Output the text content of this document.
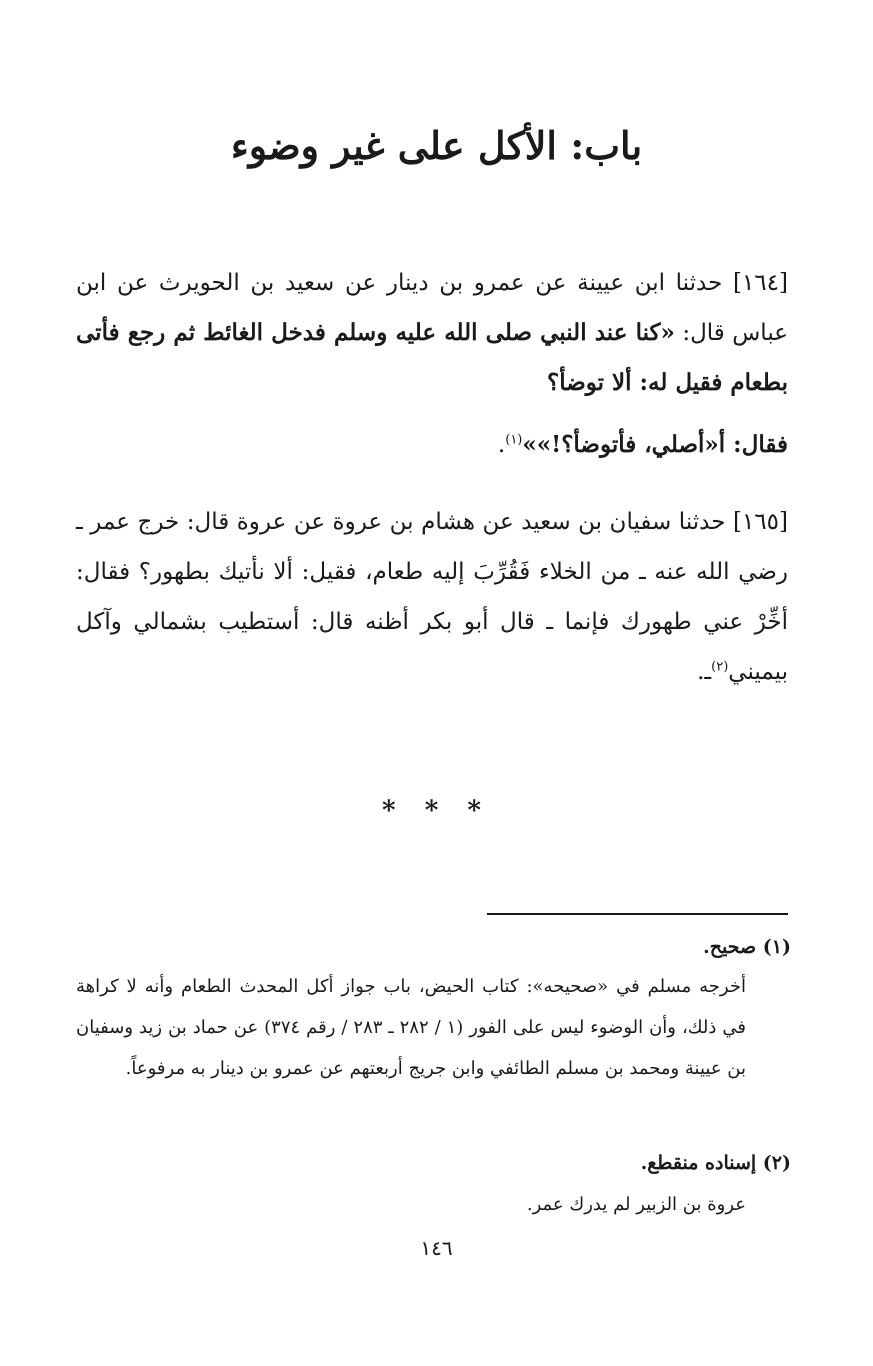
باب: الأكل على غير وضوء

[١٦٤] حدثنا ابن عيينة عن عمرو بن دينار عن سعيد بن الحويرث عن ابن عباس قال: «كنا عند النبي صلى الله عليه وسلم فدخل الغائط ثم رجع فأتى بطعام فقيل له: ألا توضأ؟

فقال: أ«أصلي، فأتوضأ؟!»»$^{(١)}$.

[١٦٥] حدثنا سفيان بن سعيد عن هشام بن عروة عن عروة قال: خرج عمر ـ رضي الله عنه ـ من الخلاء فَقُرِّبَ إليه طعام، فقيل: ألا نأتيك بطهور؟ فقال: أخِّرْ عني طهورك فإنما ـ قال أبو بكر أظنه قال: أستطيب بشمالي وآكل بيميني$^{(٢)}$ـ.

* * *

(١) صحيح.

أخرجه مسلم في «صحيحه»: كتاب الحيض، باب جواز أكل المحدث الطعام وأنه لا كراهة في ذلك، وأن الوضوء ليس على الفور (١ / ٢٨٢ ـ ٢٨٣ / رقم ٣٧٤) عن حماد بن زيد وسفيان بن عيينة ومحمد بن مسلم الطائفي وابن جريج أربعتهم عن عمرو بن دينار به مرفوعاً.

(٢) إسناده منقطع.

عروة بن الزبير لم يدرك عمر.

١٤٦
